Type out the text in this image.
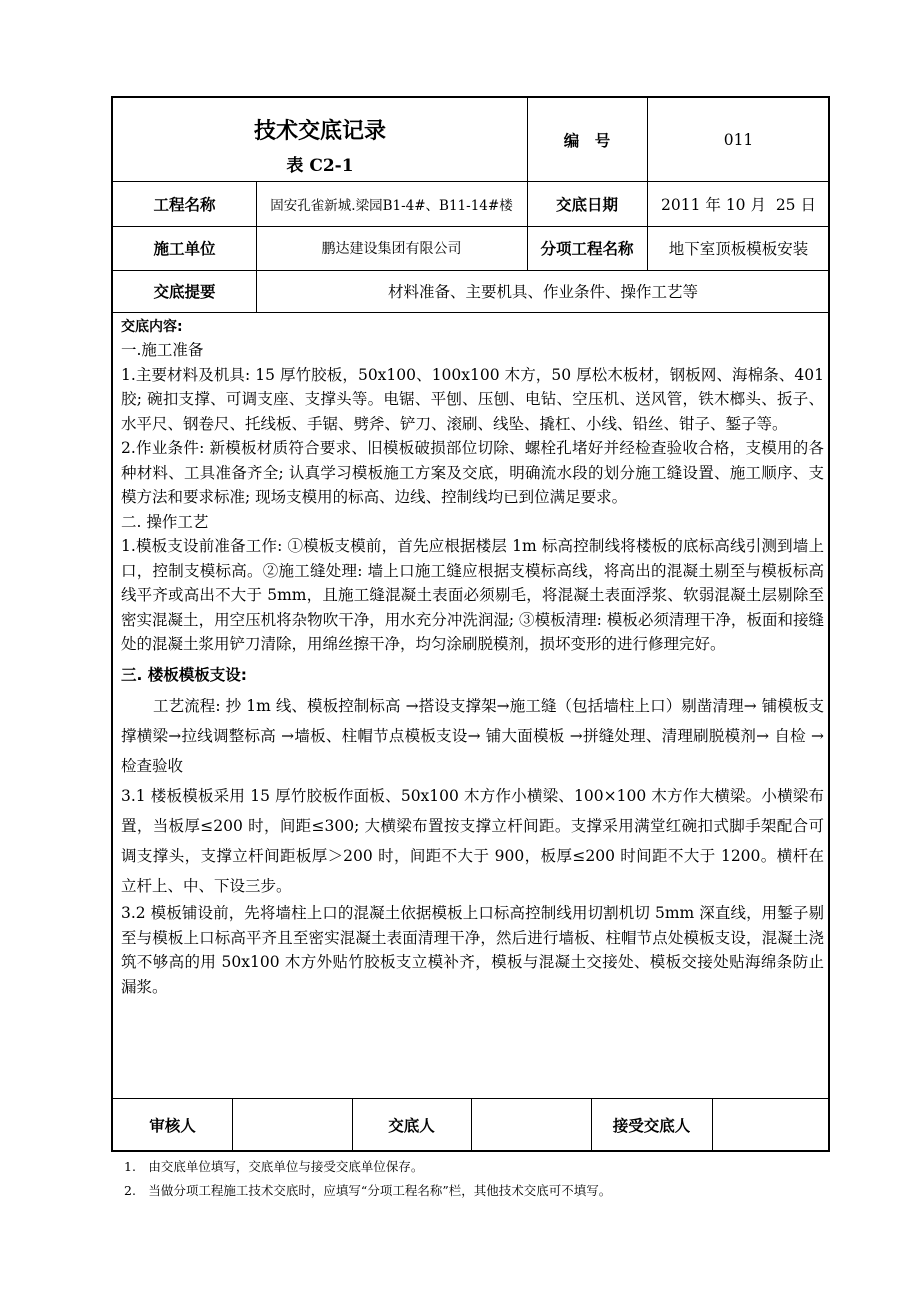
技术交底记录
表 C2-1
编　号	011
工程名称	固安孔雀新城.梁园B1-4#、B11-14#楼	交底日期	2011 年 10 月  25 日
施工单位	鹏达建设集团有限公司	分项工程名称	地下室顶板模板安装
交底提要	材料准备、主要机具、作业条件、操作工艺等

交底内容:

一.施工准备

1.主要材料及机具: 15 厚竹胶板，50x100、100x100 木方，50 厚松木板材，钢板网、海棉条、401 胶; 碗扣支撑、可调支座、支撑头等。电锯、平刨、压刨、电钻、空压机、送风管，铁木榔头、扳子、水平尺、钢卷尺、托线板、手锯、劈斧、铲刀、滚刷、线坠、撬杠、小线、铅丝、钳子、錾子等。

2.作业条件: 新模板材质符合要求、旧模板破损部位切除、螺栓孔堵好并经检查验收合格，支模用的各种材料、工具准备齐全; 认真学习模板施工方案及交底，明确流水段的划分施工缝设置、施工顺序、支模方法和要求标准; 现场支模用的标高、边线、控制线均已到位满足要求。

二. 操作工艺

1.模板支设前准备工作: ①模板支模前，首先应根据楼层 1m 标高控制线将楼板的底标高线引测到墙上口，控制支模标高。②施工缝处理: 墙上口施工缝应根据支模标高线，将高出的混凝土剔至与模板标高线平齐或高出不大于 5mm，且施工缝混凝土表面必须剔毛，将混凝土表面浮浆、软弱混凝土层剔除至密实混凝土，用空压机将杂物吹干净，用水充分冲洗润湿; ③模板清理: 模板必须清理干净，板面和接缝处的混凝土浆用铲刀清除，用绵丝擦干净，均匀涂刷脱模剂，损坏变形的进行修理完好。

三. 楼板模板支设:

工艺流程: 抄 1m 线、模板控制标高 →搭设支撑架→施工缝（包括墙柱上口）剔凿清理→ 铺模板支撑横梁→拉线调整标高 →墙板、柱帽节点模板支设→ 铺大面模板 →拼缝处理、清理刷脱模剂→ 自检 →检查验收

3.1 楼板模板采用 15 厚竹胶板作面板、50x100 木方作小横梁、100×100 木方作大横梁。小横梁布置，当板厚≤200 时，间距≤300; 大横梁布置按支撑立杆间距。支撑采用满堂红碗扣式脚手架配合可调支撑头，支撑立杆间距板厚＞200 时，间距不大于 900，板厚≤200 时间距不大于 1200。横杆在立杆上、中、下设三步。

3.2 模板铺设前，先将墙柱上口的混凝土依据模板上口标高控制线用切割机切 5mm 深直线，用錾子剔至与模板上口标高平齐且至密实混凝土表面清理干净，然后进行墙板、柱帽节点处模板支设，混凝土浇筑不够高的用 50x100 木方外贴竹胶板支立模补齐，模板与混凝土交接处、模板交接处贴海绵条防止漏浆。

审核人	交底人	接受交底人
1.　由交底单位填写，交底单位与接受交底单位保存。
2.　当做分项工程施工技术交底时，应填写“分项工程名称”栏，其他技术交底可不填写。
